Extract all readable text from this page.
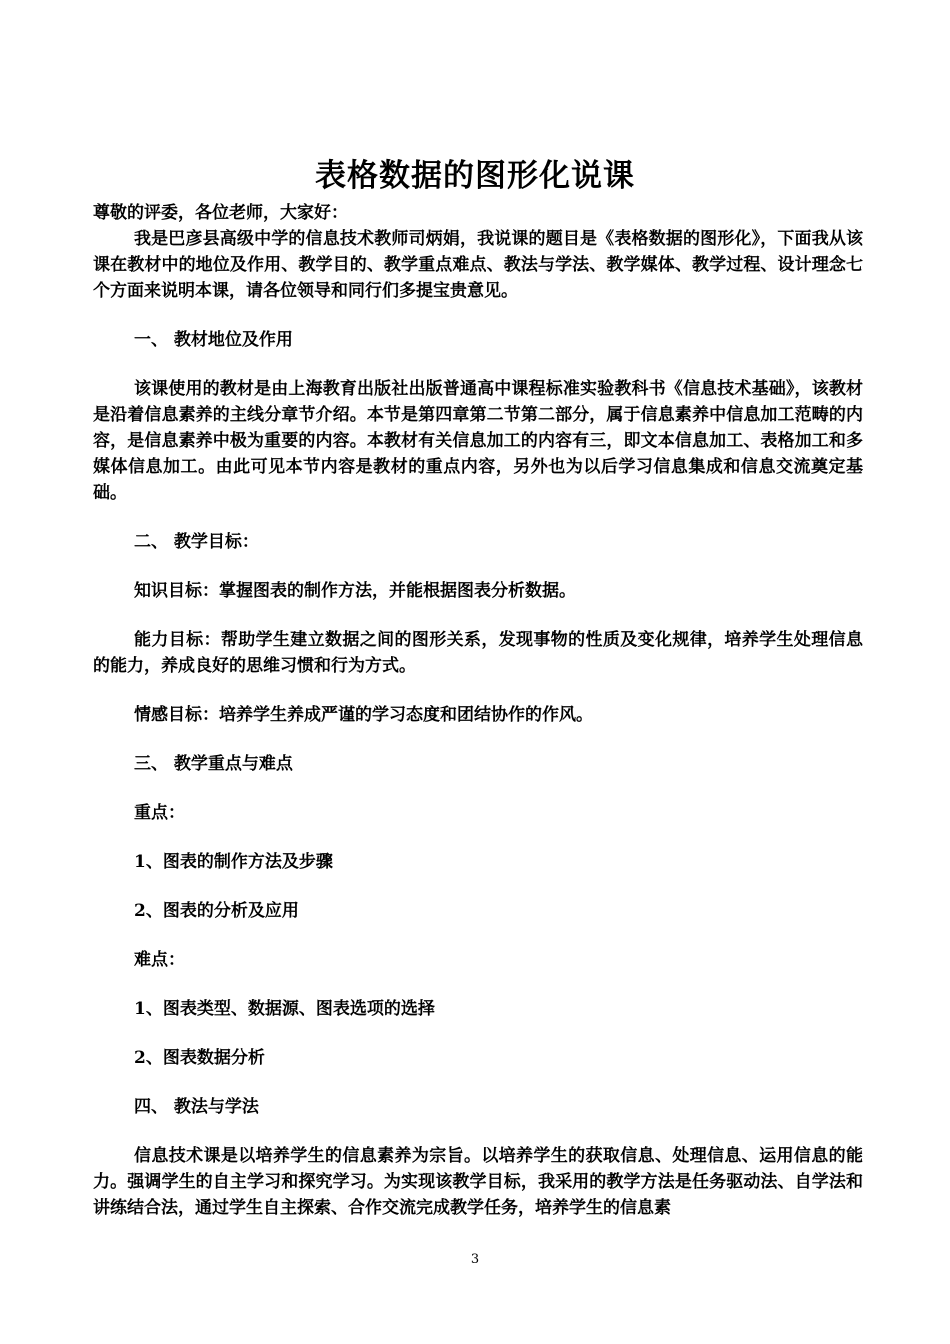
表格数据的图形化说课

尊敬的评委，各位老师，大家好：

我是巴彦县高级中学的信息技术教师司炳娟，我说课的题目是《表格数据的图形化》，下面我从该课在教材中的地位及作用、教学目的、教学重点难点、教法与学法、教学媒体、教学过程、设计理念七个方面来说明本课，请各位领导和同行们多提宝贵意见。

一、 教材地位及作用

该课使用的教材是由上海教育出版社出版普通高中课程标准实验教科书《信息技术基础》，该教材是沿着信息素养的主线分章节介绍。本节是第四章第二节第二部分，属于信息素养中信息加工范畴的内容，是信息素养中极为重要的内容。本教材有关信息加工的内容有三，即文本信息加工、表格加工和多媒体信息加工。由此可见本节内容是教材的重点内容，另外也为以后学习信息集成和信息交流奠定基础。

二、 教学目标：

知识目标：掌握图表的制作方法，并能根据图表分析数据。

能力目标：帮助学生建立数据之间的图形关系，发现事物的性质及变化规律，培养学生处理信息的能力，养成良好的思维习惯和行为方式。

情感目标：培养学生养成严谨的学习态度和团结协作的作风。

三、 教学重点与难点

重点：

1、图表的制作方法及步骤

2、图表的分析及应用

难点：

1、图表类型、数据源、图表选项的选择

2、图表数据分析

四、 教法与学法

信息技术课是以培养学生的信息素养为宗旨。以培养学生的获取信息、处理信息、运用信息的能力。强调学生的自主学习和探究学习。为实现该教学目标，我采用的教学方法是任务驱动法、自学法和讲练结合法，通过学生自主探索、合作交流完成教学任务，培养学生的信息素

3
